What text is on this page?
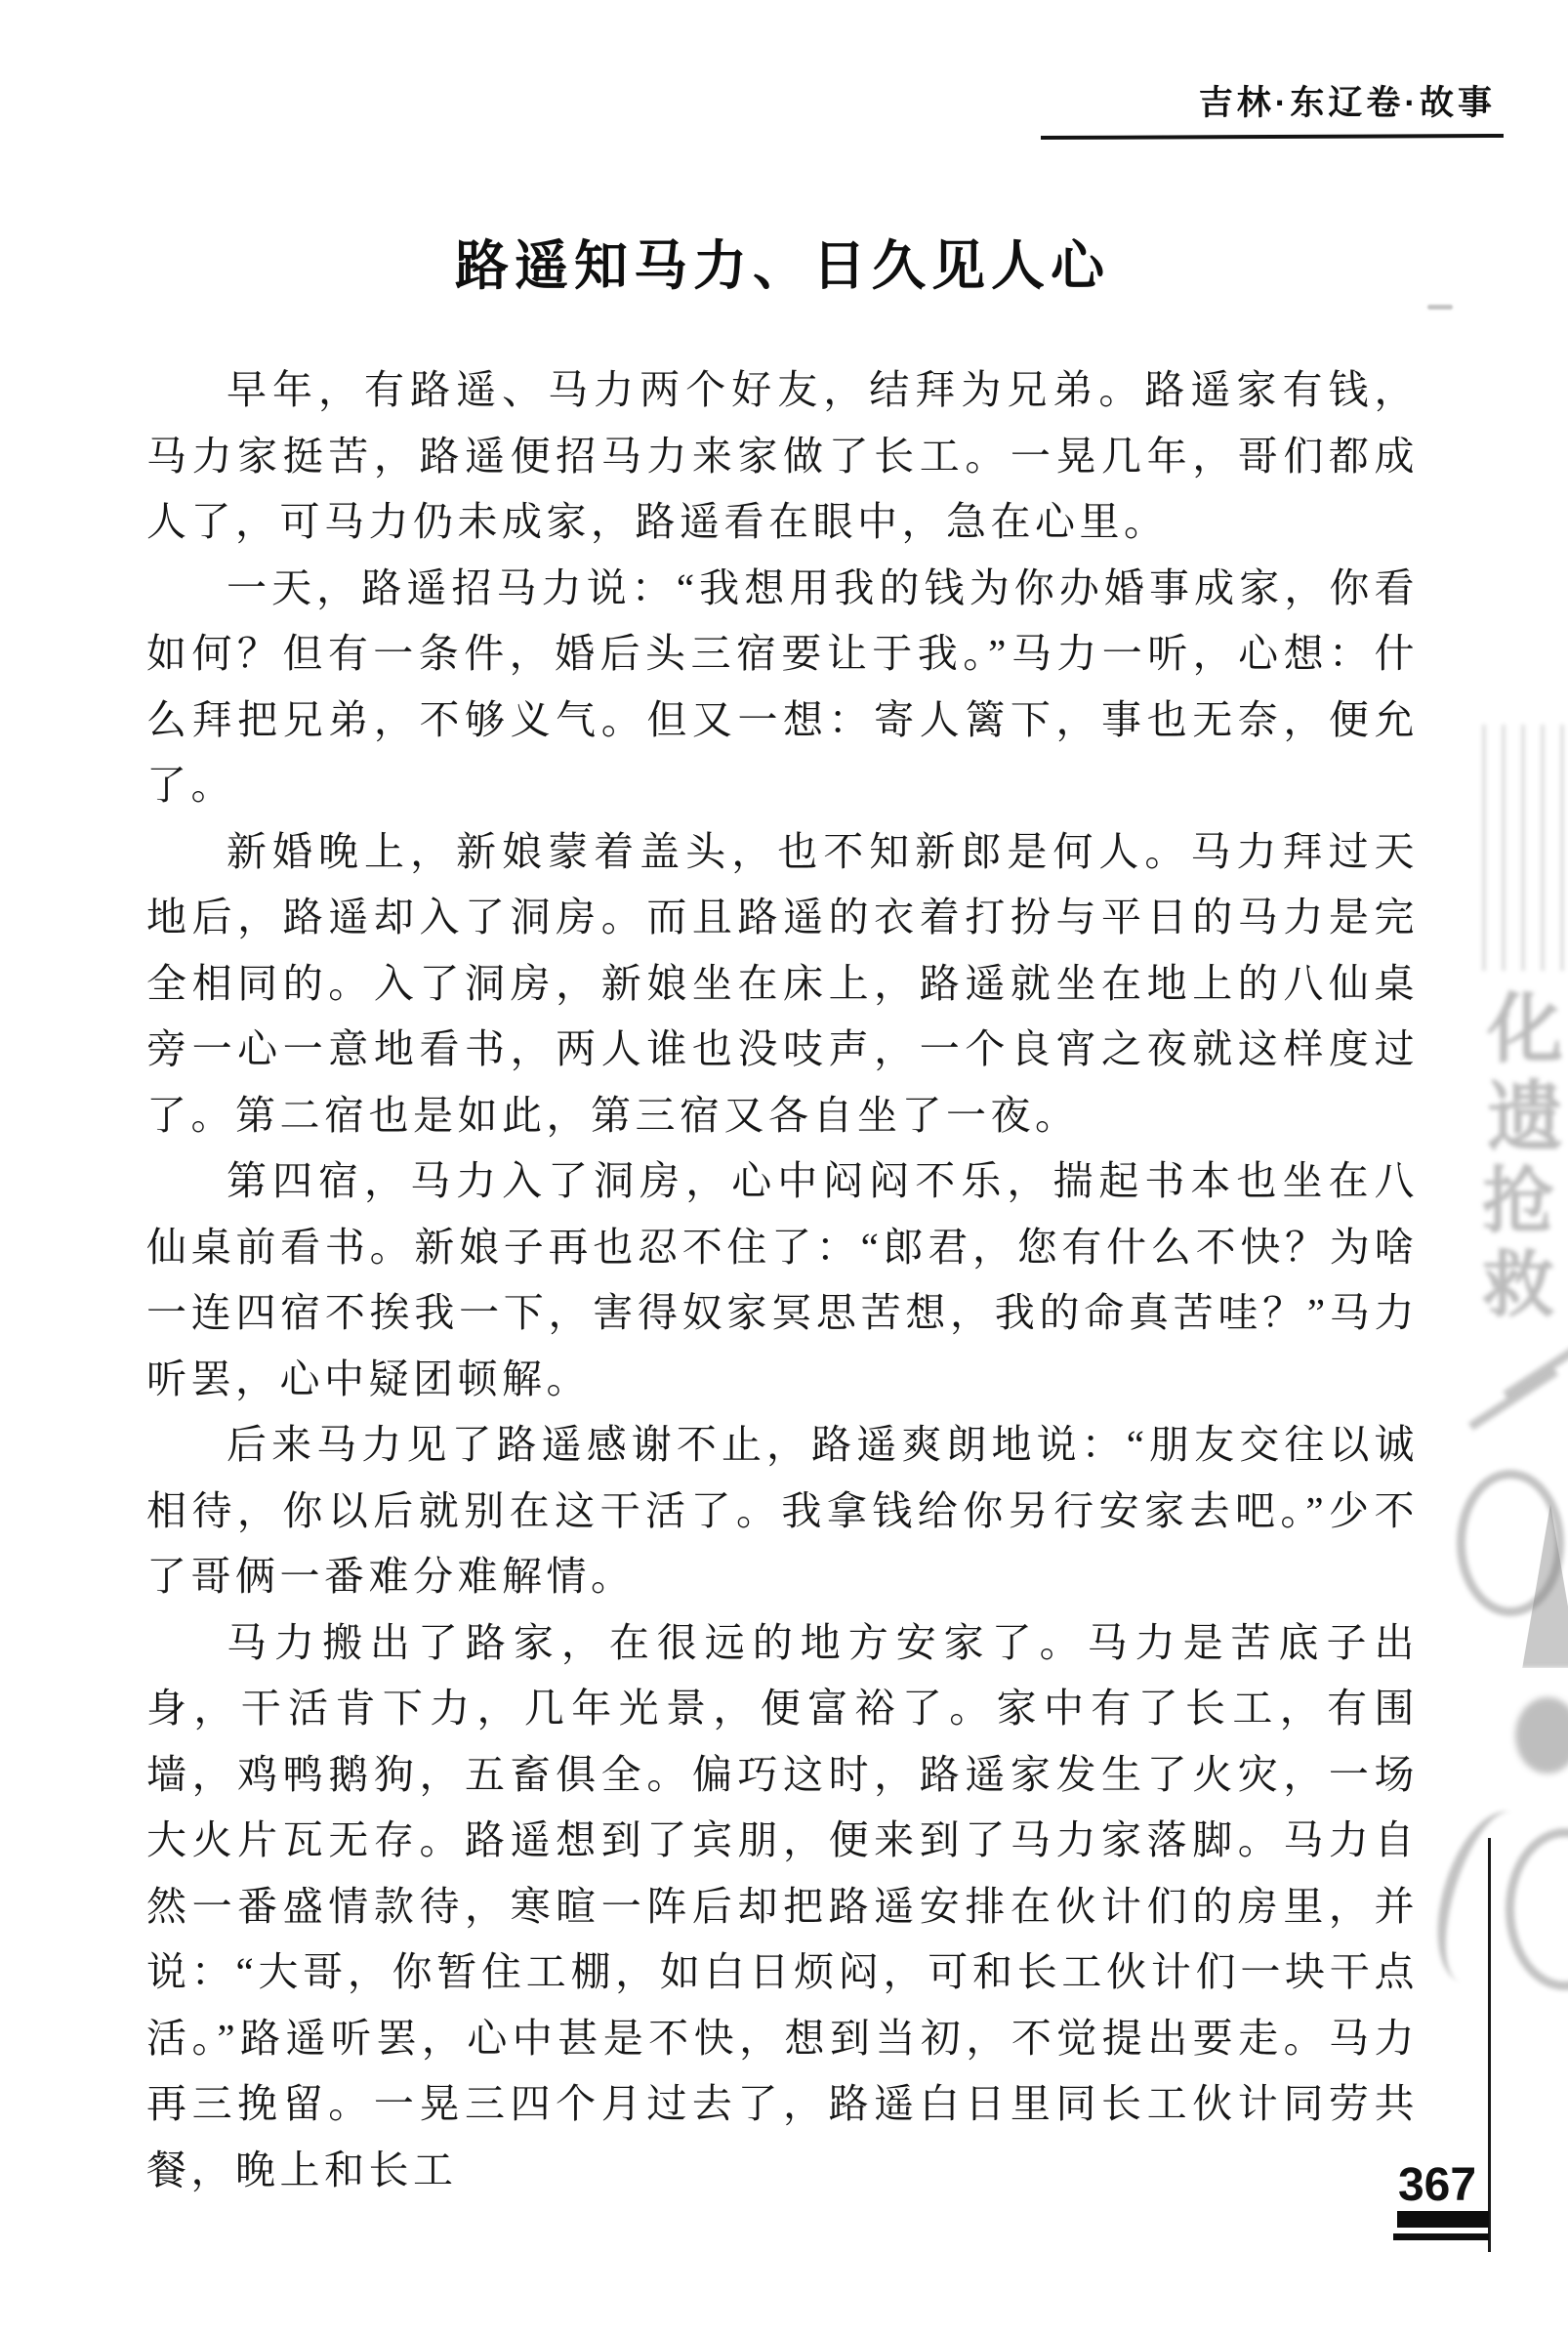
吉林·东辽卷·故事
路遥知马力、日久见人心

早年，有路遥、马力两个好友，结拜为兄弟。路遥家有钱，马力家挺苦，路遥便招马力来家做了长工。一晃几年，哥们都成人了，可马力仍未成家，路遥看在眼中，急在心里。

一天，路遥招马力说：“我想用我的钱为你办婚事成家，你看如何？但有一条件，婚后头三宿要让于我。”马力一听，心想：什么拜把兄弟，不够义气。但又一想：寄人篱下，事也无奈，便允了。

新婚晚上，新娘蒙着盖头，也不知新郎是何人。马力拜过天地后，路遥却入了洞房。而且路遥的衣着打扮与平日的马力是完全相同的。入了洞房，新娘坐在床上，路遥就坐在地上的八仙桌旁一心一意地看书，两人谁也没吱声，一个良宵之夜就这样度过了。第二宿也是如此，第三宿又各自坐了一夜。

第四宿，马力入了洞房，心中闷闷不乐，揣起书本也坐在八仙桌前看书。新娘子再也忍不住了：“郎君，您有什么不快？为啥一连四宿不挨我一下，害得奴家冥思苦想，我的命真苦哇？”马力听罢，心中疑团顿解。

后来马力见了路遥感谢不止，路遥爽朗地说：“朋友交往以诚相待，你以后就别在这干活了。我拿钱给你另行安家去吧。”少不了哥俩一番难分难解情。

马力搬出了路家，在很远的地方安家了。马力是苦底子出身，干活肯下力，几年光景，便富裕了。家中有了长工，有围墙，鸡鸭鹅狗，五畜俱全。偏巧这时，路遥家发生了火灾，一场大火片瓦无存。路遥想到了宾朋，便来到了马力家落脚。马力自然一番盛情款待，寒暄一阵后却把路遥安排在伙计们的房里，并说：“大哥，你暂住工棚，如白日烦闷，可和长工伙计们一块干点活。”路遥听罢，心中甚是不快，想到当初，不觉提出要走。马力再三挽留。一晃三四个月过去了，路遥白日里同长工伙计同劳共餐，晚上和长工

化遗
抢救
367
